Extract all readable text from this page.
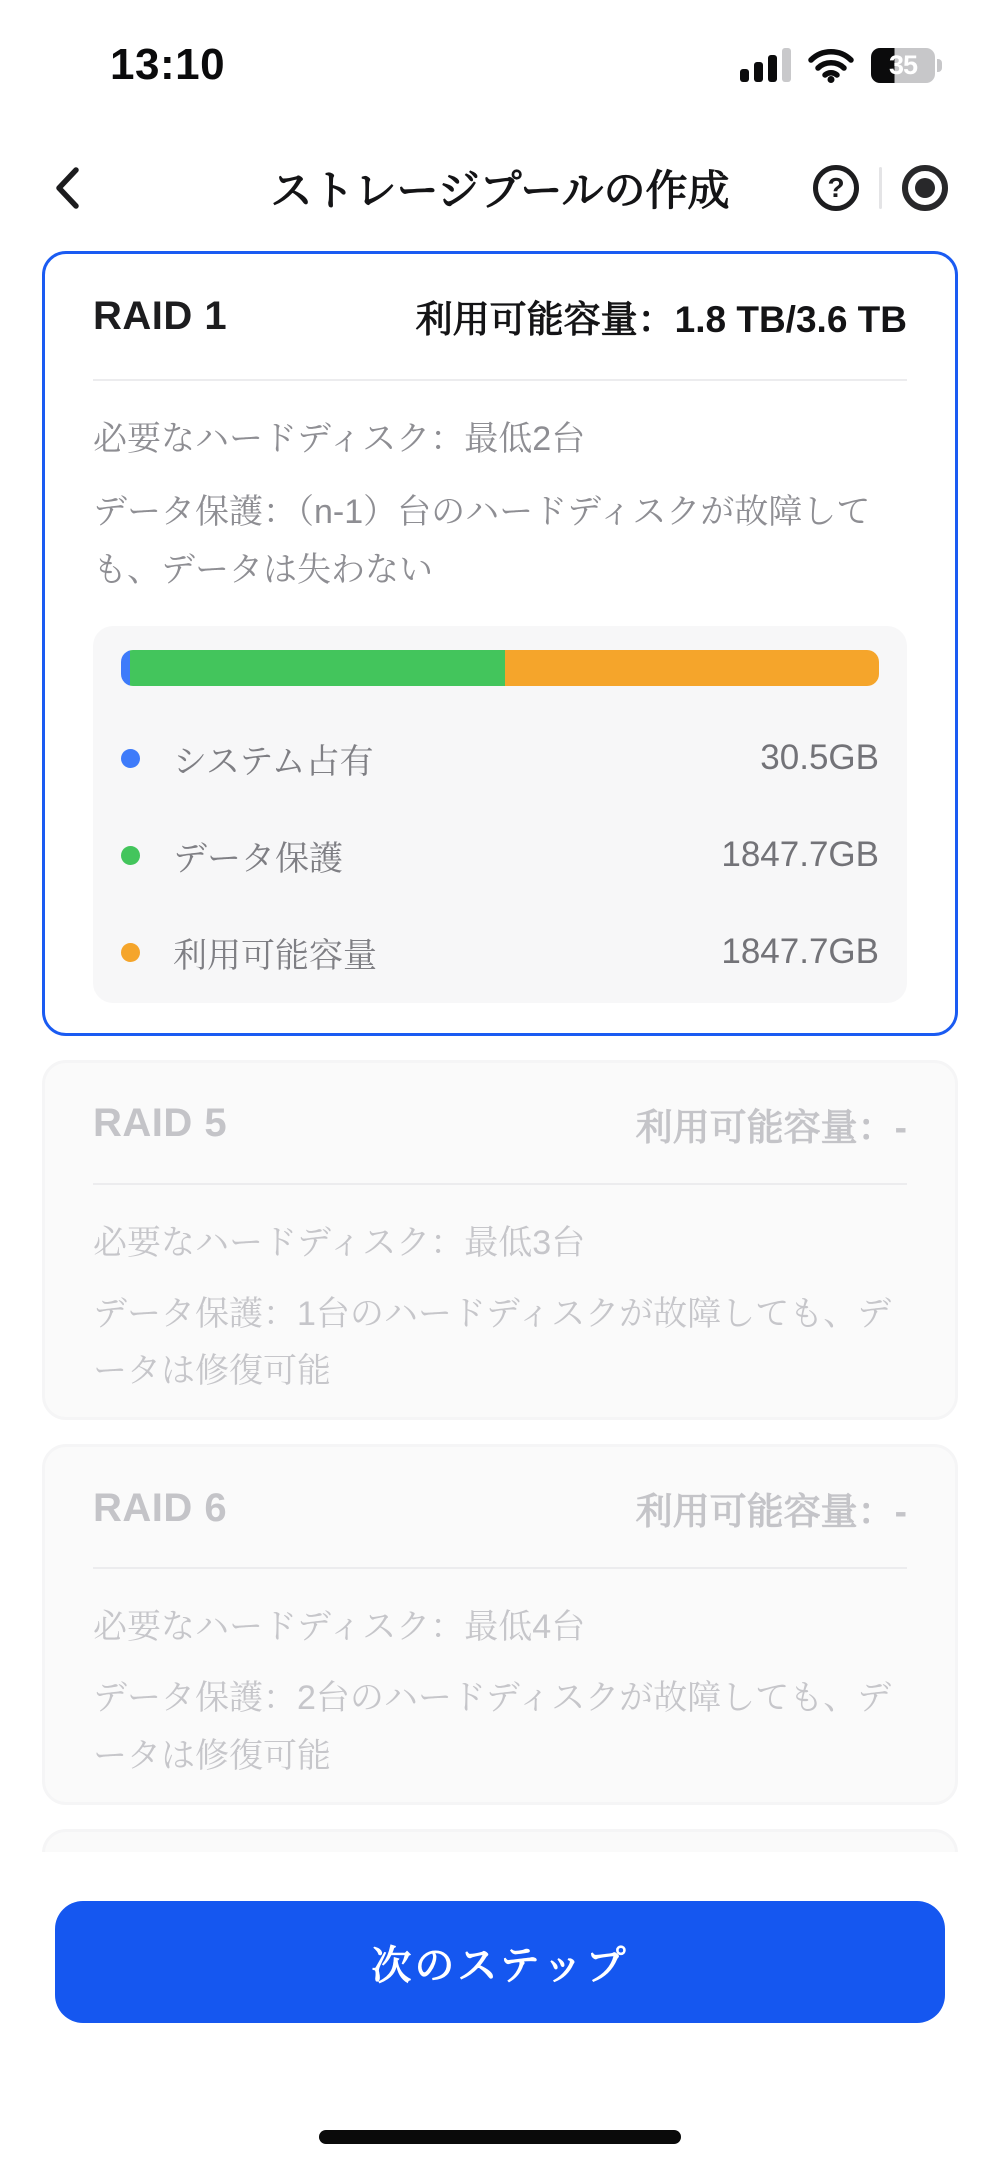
13:10	35
ストレージプールの作成	?
RAID 1	利用可能容量：1.8 TB/3.6 TB
必要なハードディスク：最低2台
データ保護：（n-1）台のハードディスクが故障しても、データは失わない
システム占有	30.5GB
データ保護	1847.7GB
利用可能容量	1847.7GB
RAID 5	利用可能容量：-
必要なハードディスク：最低3台
データ保護：1台のハードディスクが故障しても、データは修復可能
RAID 6	利用可能容量：-
必要なハードディスク：最低4台
データ保護：2台のハードディスクが故障しても、データは修復可能
次のステップ
